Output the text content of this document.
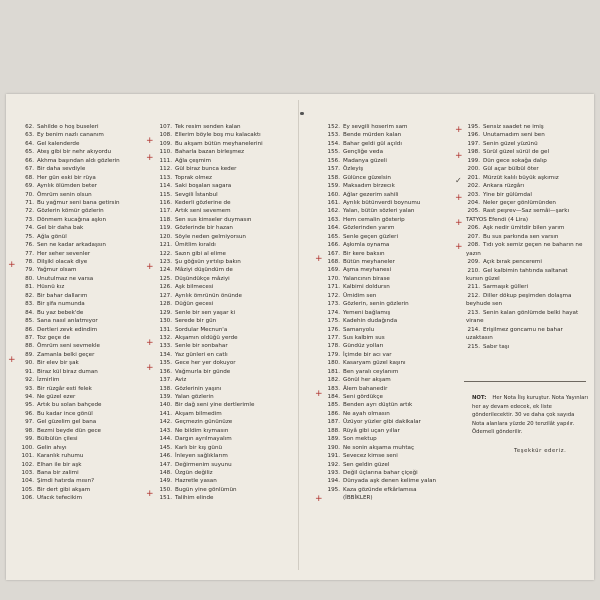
62. Sahilde o hoş buseleri
63. Ey benim nazlı cananım
64. Gel kalenderde
65. Ateş gibi bir nehr akıyordu
66. Akhma başından aldı gözlerin
67. Bir daha sevdiyle
68. Her gün eski bir rüya
69. Ayrılık ölümden beter
70. Ömrüm senin olsun
71. Bu yağmur seni bana getirsin
72. Gözlerin kömür gözlerin
73. Dönmem kucağına aşkın
74. Gel bir daha bak
75. Ağla gönül
76. Sen ne kadar arkadaşsın
77. Her seher sevenler
78. Dilşikl olacak diye
79. Yağmur olsam
80. Unutulmaz ne varsa
81. Hüsnü kız
82. Bir bahar dallarım
83. Bir şifa numunda
84. Bu yaz bebek'de
85. Sana nasıl anlatmıyor
86. Dertleri zevk edindim
87. Toz geçe de
88. Ömrüm seni sevmekle
89. Zamanla belki geçer
90. Bir elev bir şak
91. Biraz kül biraz duman
92. İzmirlim
93. Bir rüzgâr esti felek
94. Ne güzel ezer
95. Artık bu solan bahçede
96. Bu kadar ince gönül
97. Gel güzelim gel bana
98. Bezmi beyde dün gece
99. Bülbülün çilesi
100. Gelin ahıyı
101. Karanlık ruhumu
102. Elhan ile bir aşk
103. Bana bir zalimi
104. Şimdi hatırda mısın?
105. Bir dert gibi akşam
106. Ufacık tefecikim
107. Tek resim senden kalan
108. Ellerim böyle boş mu kalacaktı
109. Bu akşam bütün meyhanelerini
110. Baharla bazan birleşmez
111. Ağla çeşmim
112. Gül biraz bunca keder
113. Toprak olmez
114. Saki boşalan sagara
115. Sevgili İstanbul
116. Kederli gözlerine de
117. Artık seni sevemem
118. Sen sus kimseler duymasın
119. Gözlerinde bir hazan
120. Söyle neden gelmiyorsun
121. Ümitlim kıraldı
122. Sazın gibi al elime
123. Şu göğsün yırtılıp bakın
124. Mâziyi düşündüm de
125. Düşündükçe mâziyi
126. Aşk bilmecesi
127. Ayrılık ömrünün önünde
128. Düğün gecesi
129. Senle bir sen yaşar ki
130. Serede bir gün
131. Sordular Mecnun'a
132. Akşamın oldüğü yerde
133. Senle bir sonbahar
134. Yaz günleri en catlı
135. Gece her yer dokuyor
136. Vağmurla bir günde
137. Aviz
138. Gözlerinin yaşını
139. Yalan gözlerin
140. Bir dağ seni yine dertlerimle
141. Akşam bilmedim
142. Geçmezin gününüze
143. Ne bildim kıymasın
144. Dargın ayrılmayalım
145. Karlı bir kış günü
146. İnleyen sağlıklarım
147. Değirmenim suyunu
148. Üzgün değiliz
149. Hazretle yasan
150. Bugün yine gönlümün
151. Talihim elinde
152. Ey sevgili hoserim sam
153. Bende mürden kalan
154. Bahar geldi gül açıldı
155. Gençliğe veda
156. Madanya güzeli
157. Özleyiş
158. Gülünce güzelsin
159. Maksadım birzecık
160. Ağlar gezerim sahili
161. Ayrılık bütünverdi boynumu
162. Yalan, bütün sözleri yalan
163. Hem cemalin gösterip
164. Gözlerinden yarım
165. Senle geçen güzleri
166. Aşkımla oynama
167. Bir kere baksın
168. Bütün meyhaneler
169. Aşma meyhanesi
170. Yalancının birase
171. Kalbimi doldursn
172. Ümidim sen
173. Gözlerin, senin gözlerin
174. Yemeni bağlamış
175. Kadehin dudağında
176. Samanyolu
177. Sus kalbim sus
178. Gündüz yolları
179. İçimde bir acı var
180. Kasaryam güzel kaşını
181. Ben yaralı ceylanım
182. Gönül her akşam
183. Âlem bahanedir
184. Seni gördükçe
185. Benden ayrı düştün artık
186. Ne ayah olmasın
187. Üzüyor yüzler gibi dakikalar
188. Rüyâ gibi uçan yıllar
189. Son mektup
190. Ne sonin akşama muhtaç
191. Sevecez kimse seni
192. Sen geldin güzel
193. Değil üçlarına bahar çiçeği
194. Dünyada aşk denen kelime yalan
195. Kaza gözünde efkârlamısa
(İBBİKLER)
195. Sensiz saadet ne imiş
196. Unutamadım seni ben
197. Senin güzel yüzünü
198. Sürül güzel sürül de gel
199. Dün gece sokağa dalıp
200. Gül açar bülbül öter
201. Mürzüt kalılı büyük aşkımız
202. Ankara rüzgârı
203. Yine bir gülümdal
204. Neler geçer gönlümünden
205. Rast peşrev—Saz semâi—şarkı TATYOS Efendi (4 Lira)
206. Aşk nedir ümitdir bilen yarım
207. Bu sus parkında sen varsın
208. Tıdı yok semiz geçen ne baharın ne yazın
209. Açık bırak penceremi
210. Gel kalbimin tahtında saltanat kursın güzel
211. Sarmaşık gülleri
212. Diller dökup peşimden dolaşma beyhude sen
213. Senin kalan gönlümde belki hayat virane
214. Erişilmez goncamu ne bahar uzaktasın
215. Sabır taşı
NOT: Her Nota İlış kuruştur. Nota Yayınları her ay devam edecek, ek liste gönderilecektir. 30 ve daha çok sayıda Nota alanlara yüzde 20 tenzilât yapılır. Ödemeli gönderilir.
Teşekkür ederiz.
+
+
+
+
+
+
+
+
+
+
+
+
+
+
+
+
✓
